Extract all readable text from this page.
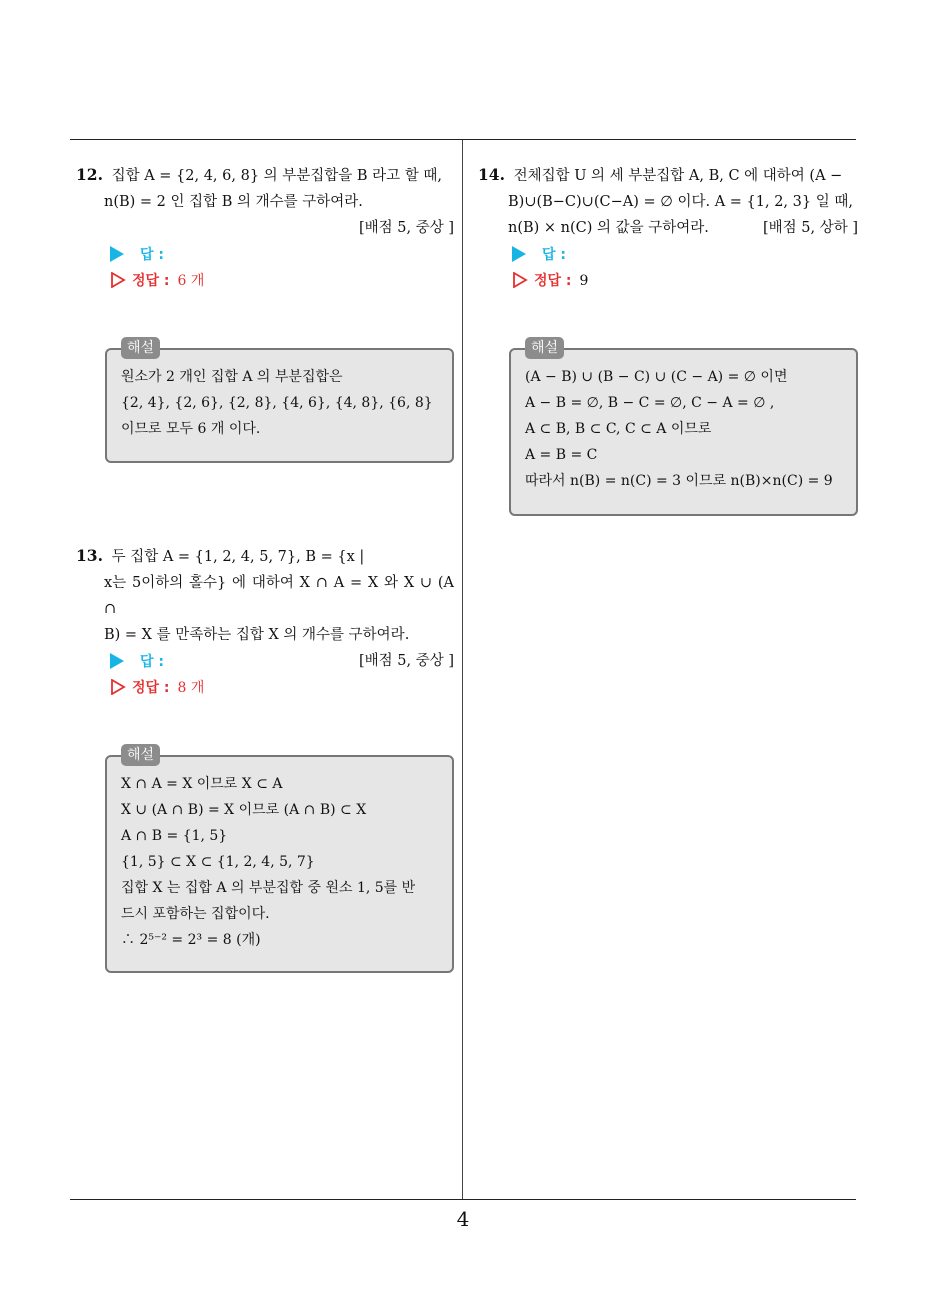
12. 집합 A = {2, 4, 6, 8} 의 부분집합을 B 라고 할 때,
n(B) = 2 인 집합 B 의 개수를 구하여라.
[배점 5, 중상 ]
답 :
정답 : 6 개
해설
원소가 2 개인 집합 A 의 부분집합은
{2, 4}, {2, 6}, {2, 8}, {4, 6}, {4, 8}, {6, 8}
이므로 모두 6 개 이다.
13. 두 집합 A = {1, 2, 4, 5, 7}, B = {x |
x는 5이하의 홀수} 에 대하여 X ∩ A = X 와 X ∪ (A ∩
B) = X 를 만족하는 집합 X 의 개수를 구하여라.
[배점 5, 중상 ]
답 :
정답 : 8 개
해설
X ∩ A = X 이므로 X ⊂ A
X ∪ (A ∩ B) = X 이므로 (A ∩ B) ⊂ X
A ∩ B = {1, 5}
{1, 5} ⊂ X ⊂ {1, 2, 4, 5, 7}
집합 X 는 집합 A 의 부분집합 중 원소 1, 5를 반
드시 포함하는 집합이다.
∴ 2⁵⁻² = 2³ = 8 (개)
14. 전체집합 U 의 세 부분집합 A, B, C 에 대하여 (A −
B)∪(B−C)∪(C−A) = ∅ 이다. A = {1, 2, 3} 일 때,
n(B) × n(C) 의 값을 구하여라.	[배점 5, 상하 ]
답 :
정답 : 9
해설
(A − B) ∪ (B − C) ∪ (C − A) = ∅ 이면
A − B = ∅, B − C = ∅, C − A = ∅ ,
A ⊂ B, B ⊂ C, C ⊂ A 이므로
A = B = C
따라서 n(B) = n(C) = 3 이므로 n(B)×n(C) = 9
4
